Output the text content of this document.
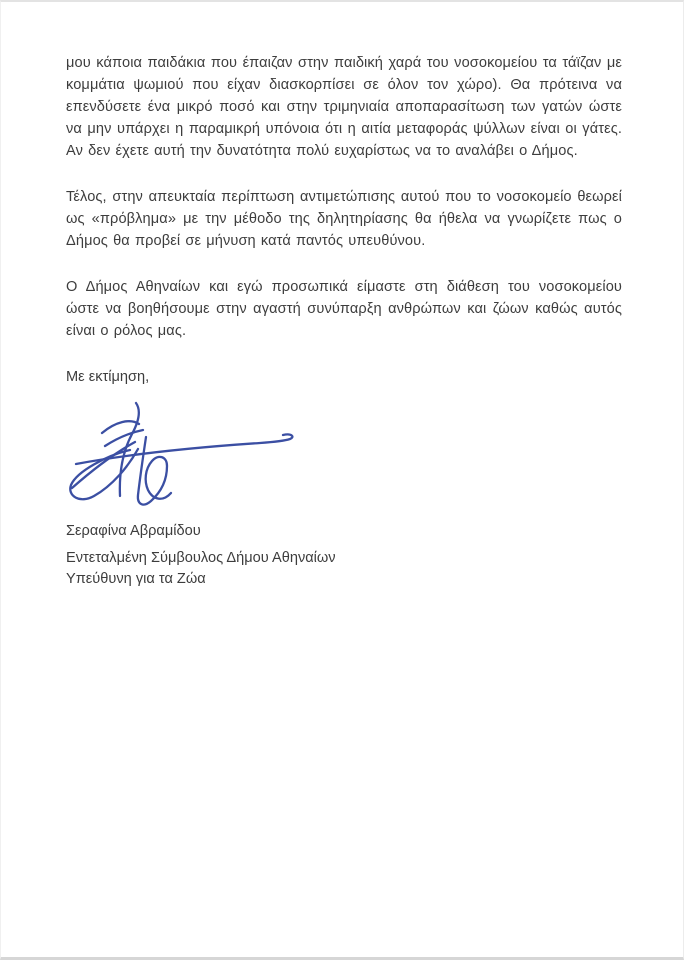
μου κάποια παιδάκια που έπαιζαν στην παιδική χαρά του νοσοκομείου τα τάϊζαν με κομμάτια ψωμιού που είχαν διασκορπίσει σε όλον τον χώρο). Θα πρότεινα να επενδύσετε ένα μικρό ποσό και στην τριμηνιαία αποπαρασίτωση των γατών ώστε να μην υπάρχει η παραμικρή υπόνοια ότι η αιτία μεταφοράς ψύλλων είναι οι γάτες. Αν δεν έχετε αυτή την δυνατότητα πολύ ευχαρίστως να το αναλάβει ο Δήμος.

Τέλος, στην απευκταία περίπτωση αντιμετώπισης αυτού που το νοσοκομείο θεωρεί ως «πρόβλημα» με την μέθοδο της δηλητηρίασης θα ήθελα να γνωρίζετε πως ο Δήμος θα προβεί σε μήνυση κατά παντός υπευθύνου.

Ο Δήμος Αθηναίων και εγώ προσωπικά είμαστε στη διάθεση του νοσοκομείου ώστε να βοηθήσουμε στην αγαστή συνύπαρξη ανθρώπων και ζώων καθώς αυτός είναι ο ρόλος μας.

Με εκτίμηση,

Σεραφίνα Αβραμίδου

Εντεταλμένη Σύμβουλος Δήμου Αθηναίων

Υπεύθυνη για τα Ζώα
